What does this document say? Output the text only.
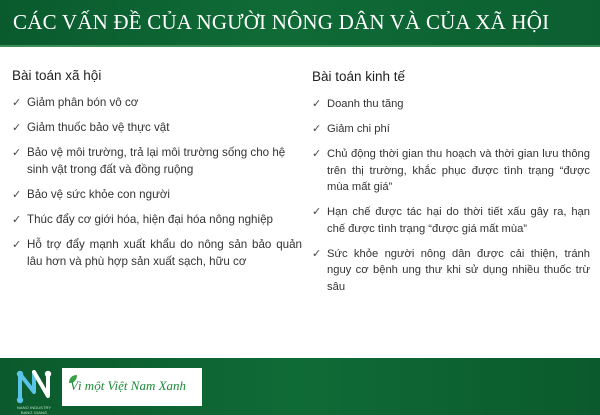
CÁC VẤN ĐỀ CỦA NGƯỜI NÔNG DÂN VÀ CỦA XÃ HỘI
Bài toán xã hội
✓ Giảm phân bón vô cơ
✓ Giảm thuốc bảo vệ thực vật
✓ Bảo vệ môi trường, trả lại môi trường sống cho hệ sinh vật trong đất và đồng ruộng
✓ Bảo vệ sức khỏe con người
✓ Thúc đẩy cơ giới hóa, hiện đại hóa nông nghiệp
✓ Hỗ trợ đẩy mạnh xuất khẩu do nông sản bảo quản lâu hơn và phù hợp sản xuất sạch, hữu cơ
Bài toán kinh tế
✓ Doanh thu tăng
✓ Giảm chi phí
✓ Chủ động thời gian thu hoạch và thời gian lưu thông trên thị trường, khắc phục được tình trạng “được mùa mất giá”
✓ Hạn chế được tác hại do thời tiết xấu gây ra, hạn chế được tình trạng “được giá mất mùa”
✓ Sức khỏe người nông dân được cải thiện, tránh nguy cơ bệnh ung thư khi sử dụng nhiều thuốc trừ sâu
NANO INDUSTRY BANG GIANG
Vì một Việt Nam Xanh
